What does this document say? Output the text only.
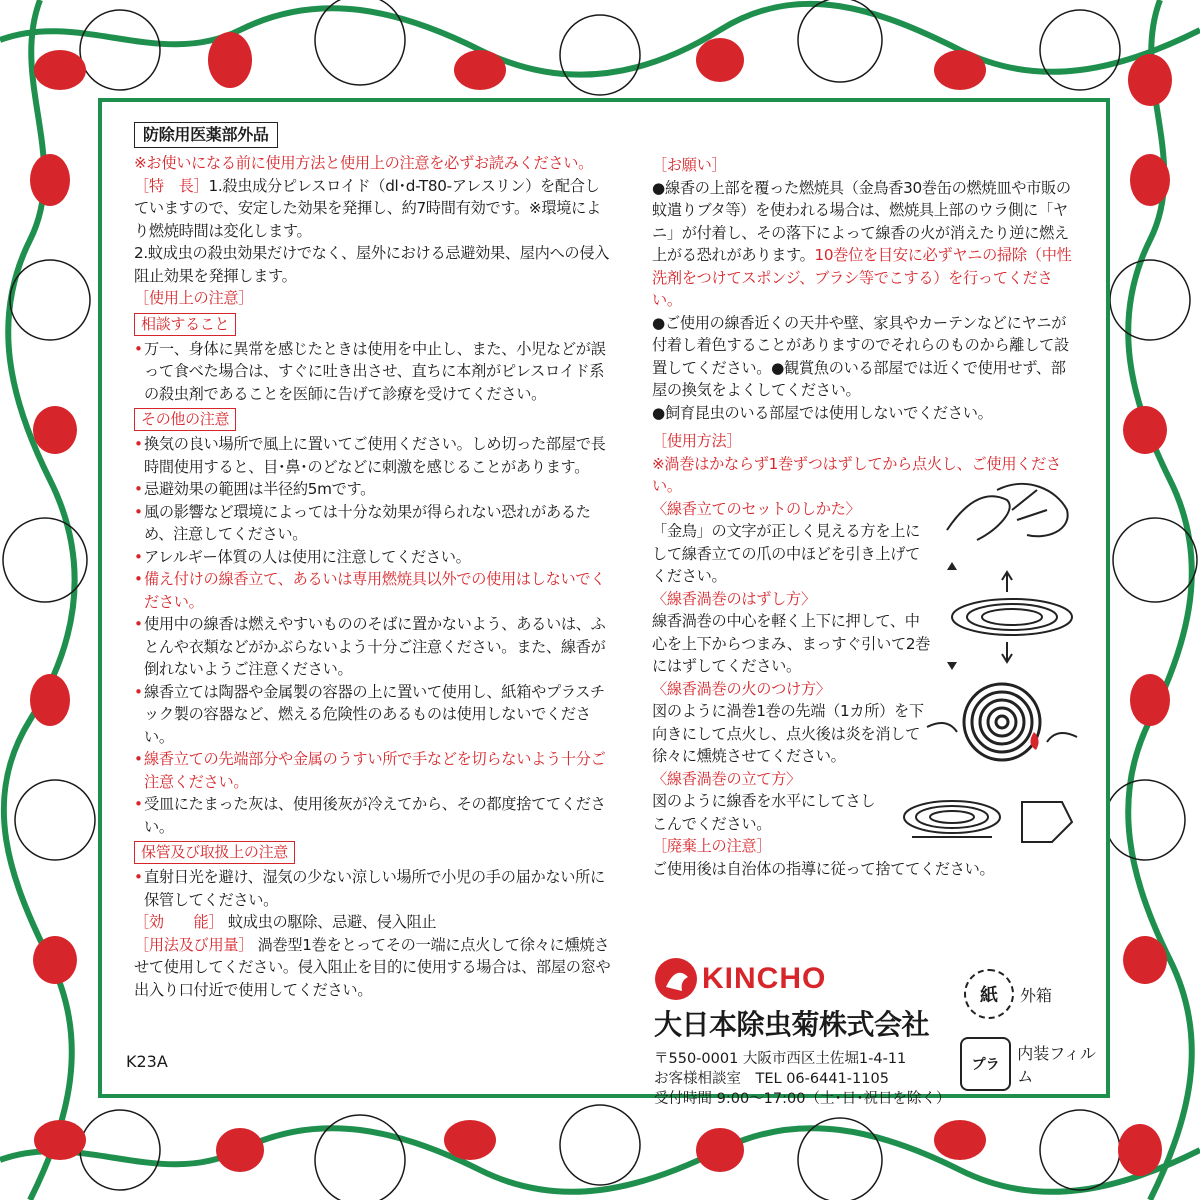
防除用医薬部外品
※お使いになる前に使用方法と使用上の注意を必ずお読みください。
［特　長］1.殺虫成分ピレスロイド（dl･d-T80-アレスリン）を配合していますので、安定した効果を発揮し、約7時間有効です。※環境により燃焼時間は変化します。
2.蚊成虫の殺虫効果だけでなく、屋外における忌避効果、屋内への侵入阻止効果を発揮します。
［使用上の注意］
相談すること
• 万一、身体に異常を感じたときは使用を中止し、また、小児などが誤って食べた場合は、すぐに吐き出させ、直ちに本剤がピレスロイド系の殺虫剤であることを医師に告げて診療を受けてください。
その他の注意
• 換気の良い場所で風上に置いてご使用ください。しめ切った部屋で長時間使用すると、目･鼻･のどなどに刺激を感じることがあります。
• 忌避効果の範囲は半径約5mです。
• 風の影響など環境によっては十分な効果が得られない恐れがあるため、注意してください。
• アレルギー体質の人は使用に注意してください。
• 備え付けの線香立て、あるいは専用燃焼具以外での使用はしないでください。
• 使用中の線香は燃えやすいもののそばに置かないよう、あるいは、ふとんや衣類などがかぶらないよう十分ご注意ください。また、線香が倒れないようご注意ください。
• 線香立ては陶器や金属製の容器の上に置いて使用し、紙箱やプラスチック製の容器など、燃える危険性のあるものは使用しないでください。
• 線香立ての先端部分や金属のうすい所で手などを切らないよう十分ご注意ください。
• 受皿にたまった灰は、使用後灰が冷えてから、その都度捨ててください。
保管及び取扱上の注意
• 直射日光を避け、湿気の少ない涼しい場所で小児の手の届かない所に保管してください。
［効　　能］ 蚊成虫の駆除、忌避、侵入阻止
［用法及び用量］ 渦巻型1巻をとってその一端に点火して徐々に燻焼させて使用してください。侵入阻止を目的に使用する場合は、部屋の窓や出入り口付近で使用してください。
K23A
［お願い］
●線香の上部を覆った燃焼具（金鳥香30巻缶の燃焼皿や市販の蚊遣りブタ等）を使われる場合は、燃焼具上部のウラ側に「ヤニ」が付着し、その落下によって線香の火が消えたり逆に燃え上がる恐れがあります。10巻位を目安に必ずヤニの掃除（中性洗剤をつけてスポンジ、ブラシ等でこする）を行ってください。
●ご使用の線香近くの天井や壁、家具やカーテンなどにヤニが付着し着色することがありますのでそれらのものから離して設置してください。●観賞魚のいる部屋では近くで使用せず、部屋の換気をよくしてください。
●飼育昆虫のいる部屋では使用しないでください。
［使用方法］
※渦巻はかならず1巻ずつはずしてから点火し、ご使用ください。
〈線香立てのセットのしかた〉
「金鳥」の文字が正しく見える方を上にして線香立ての爪の中ほどを引き上げてください。
〈線香渦巻のはずし方〉
線香渦巻の中心を軽く上下に押して、中心を上下からつまみ、まっすぐ引いて2巻にはずしてください。
〈線香渦巻の火のつけ方〉
図のように渦巻1巻の先端（1カ所）を下向きにして点火し、点火後は炎を消して徐々に燻焼させてください。
〈線香渦巻の立て方〉
図のように線香を水平にしてさしこんでください。
［廃棄上の注意］
ご使用後は自治体の指導に従って捨ててください。
KINCHO
大日本除虫菊株式会社
〒550-0001 大阪市西区土佐堀1-4-11
お客様相談室　TEL 06-6441-1105
受付時間 9:00～17:00（土･日･祝日を除く）
紙	外箱
プラ
内装フィルム
